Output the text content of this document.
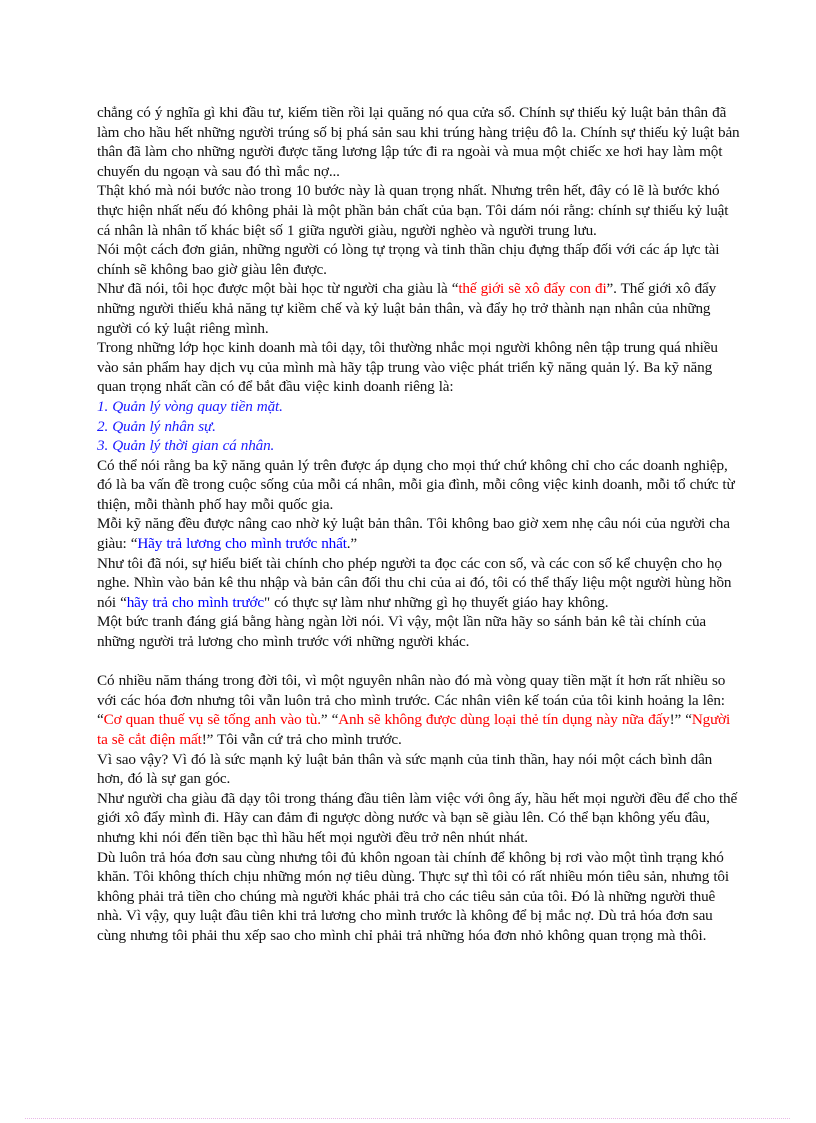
chẳng có ý nghĩa gì khi đầu tư, kiếm tiền rồi lại quăng nó qua cửa sổ. Chính sự thiếu kỷ luật bản thân đã làm cho hầu hết những người trúng số bị phá sản sau khi trúng hàng triệu đô la. Chính sự thiếu kỷ luật bản thân đã làm cho những người được tăng lương lập tức đi ra ngoài và mua một chiếc xe hơi hay làm một chuyến du ngoạn và sau đó thì mắc nợ...

Thật khó mà nói bước nào trong 10 bước này là quan trọng nhất. Nhưng trên hết, đây có lẽ là bước khó thực hiện nhất nếu đó không phải là một phần bản chất của bạn. Tôi dám nói rằng: chính sự thiếu kỷ luật cá nhân là nhân tố khác biệt số 1 giữa người giàu, người nghèo và người trung lưu.

Nói một cách đơn giản, những người có lòng tự trọng và tinh thần chịu đựng thấp đối với các áp lực tài chính sẽ không bao giờ giàu lên được.

Như đã nói, tôi học được một bài học từ người cha giàu là “thế giới sẽ xô đẩy con đi”. Thế giới xô đẩy những người thiếu khả năng tự kiềm chế và kỷ luật bản thân, và đẩy họ trở thành nạn nhân của những người có kỷ luật riêng mình.

Trong những lớp học kinh doanh mà tôi dạy, tôi thường nhắc mọi người không nên tập trung quá nhiều vào sản phẩm hay dịch vụ của mình mà hãy tập trung vào việc phát triển kỹ năng quản lý. Ba kỹ năng quan trọng nhất cần có để bắt đầu việc kinh doanh riêng là:

1. Quản lý vòng quay tiền mặt.

2. Quản lý nhân sự.

3. Quản lý thời gian cá nhân.

Có thể nói rằng ba kỹ năng quản lý trên được áp dụng cho mọi thứ chứ không chỉ cho các doanh nghiệp, đó là ba vấn đề trong cuộc sống của mỗi cá nhân, mỗi gia đình, mỗi công việc kinh doanh, mỗi tổ chức từ thiện, mỗi thành phố hay mỗi quốc gia.

Mỗi kỹ năng đều được nâng cao nhờ kỷ luật bản thân. Tôi không bao giờ xem nhẹ câu nói của người cha giàu: “Hãy trả lương cho mình trước nhất.”

Như tôi đã nói, sự hiểu biết tài chính cho phép người ta đọc các con số, và các con số kể chuyện cho họ nghe. Nhìn vào bản kê thu nhập và bản cân đối thu chi của ai đó, tôi có thể thấy liệu một người hùng hồn nói “hãy trả cho mình trước" có thực sự làm như những gì họ thuyết giáo hay không.

Một bức tranh đáng giá bằng hàng ngàn lời nói. Vì vậy, một lần nữa hãy so sánh bản kê tài chính của những người trả lương cho mình trước với những người khác.

Có nhiều năm tháng trong đời tôi, vì một nguyên nhân nào đó mà vòng quay tiền mặt ít hơn rất nhiều so với các hóa đơn nhưng tôi vẫn luôn trả cho mình trước. Các nhân viên kế toán của tôi kinh hoảng la lên: “Cơ quan thuế vụ sẽ tống anh vào tù.” “Anh sẽ không được dùng loại thẻ tín dụng này nữa đấy!” “Người ta sẽ cắt điện mất!” Tôi vẫn cứ trả cho mình trước.

Vì sao vậy? Vì đó là sức mạnh kỷ luật bản thân và sức mạnh của tinh thần, hay nói một cách bình dân hơn, đó là sự gan góc.

Như người cha giàu đã dạy tôi trong tháng đầu tiên làm việc với ông ấy, hầu hết mọi người đều để cho thế giới xô đẩy mình đi. Hãy can đảm đi ngược dòng nước và bạn sẽ giàu lên. Có thể bạn không yếu đâu, nhưng khi nói đến tiền bạc thì hầu hết mọi người đều trở nên nhút nhát.

Dù luôn trả hóa đơn sau cùng nhưng tôi đủ khôn ngoan tài chính để không bị rơi vào một tình trạng khó khăn. Tôi không thích chịu những món nợ tiêu dùng. Thực sự thì tôi có rất nhiều món tiêu sản, nhưng tôi không phải trả tiền cho chúng mà người khác phải trả cho các tiêu sản của tôi. Đó là những người thuê nhà. Vì vậy, quy luật đầu tiên khi trả lương cho mình trước là không để bị mắc nợ. Dù trả hóa đơn sau cùng nhưng tôi phải thu xếp sao cho mình chỉ phải trả những hóa đơn nhỏ không quan trọng mà thôi.
